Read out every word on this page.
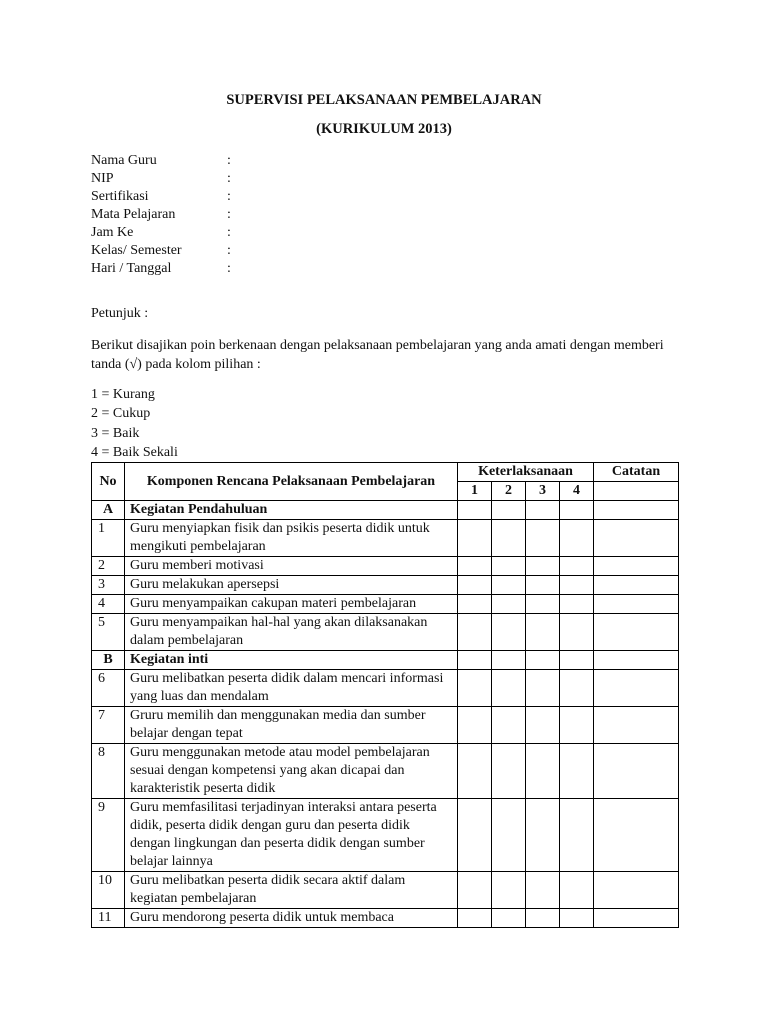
SUPERVISI PELAKSANAAN PEMBELAJARAN
(KURIKULUM 2013)
Nama Guru	:
NIP	:
Sertifikasi	:
Mata Pelajaran	:
Jam Ke	:
Kelas/ Semester	:
Hari / Tanggal	:
Petunjuk :
Berikut disajikan poin berkenaan dengan pelaksanaan pembelajaran yang anda amati dengan memberi tanda (√) pada kolom pilihan :
1 = Kurang
2 = Cukup
3 = Baik
4 = Baik Sekali
No	Komponen Rencana Pelaksanaan Pembelajaran	Keterlaksanaan				Catatan
		1	2	3	4	
A	Kegiatan Pendahuluan					
1	Guru menyiapkan fisik dan psikis peserta didik untuk mengikuti pembelajaran					
2	Guru memberi motivasi					
3	Guru melakukan apersepsi					
4	Guru menyampaikan cakupan materi pembelajaran					
5	Guru menyampaikan hal-hal yang akan dilaksanakan dalam pembelajaran					
B	Kegiatan inti					
6	Guru melibatkan peserta didik dalam mencari informasi yang luas dan mendalam					
7	Gruru memilih dan menggunakan media dan sumber belajar dengan tepat					
8	Guru menggunakan metode atau model pembelajaran sesuai dengan kompetensi yang akan dicapai dan karakteristik peserta didik					
9	Guru memfasilitasi terjadinyan interaksi antara peserta didik, peserta didik dengan guru dan peserta didik dengan lingkungan dan peserta didik dengan sumber belajar lainnya					
10	Guru melibatkan peserta didik secara aktif dalam kegiatan pembelajaran					
11	Guru mendorong peserta didik untuk membaca					
